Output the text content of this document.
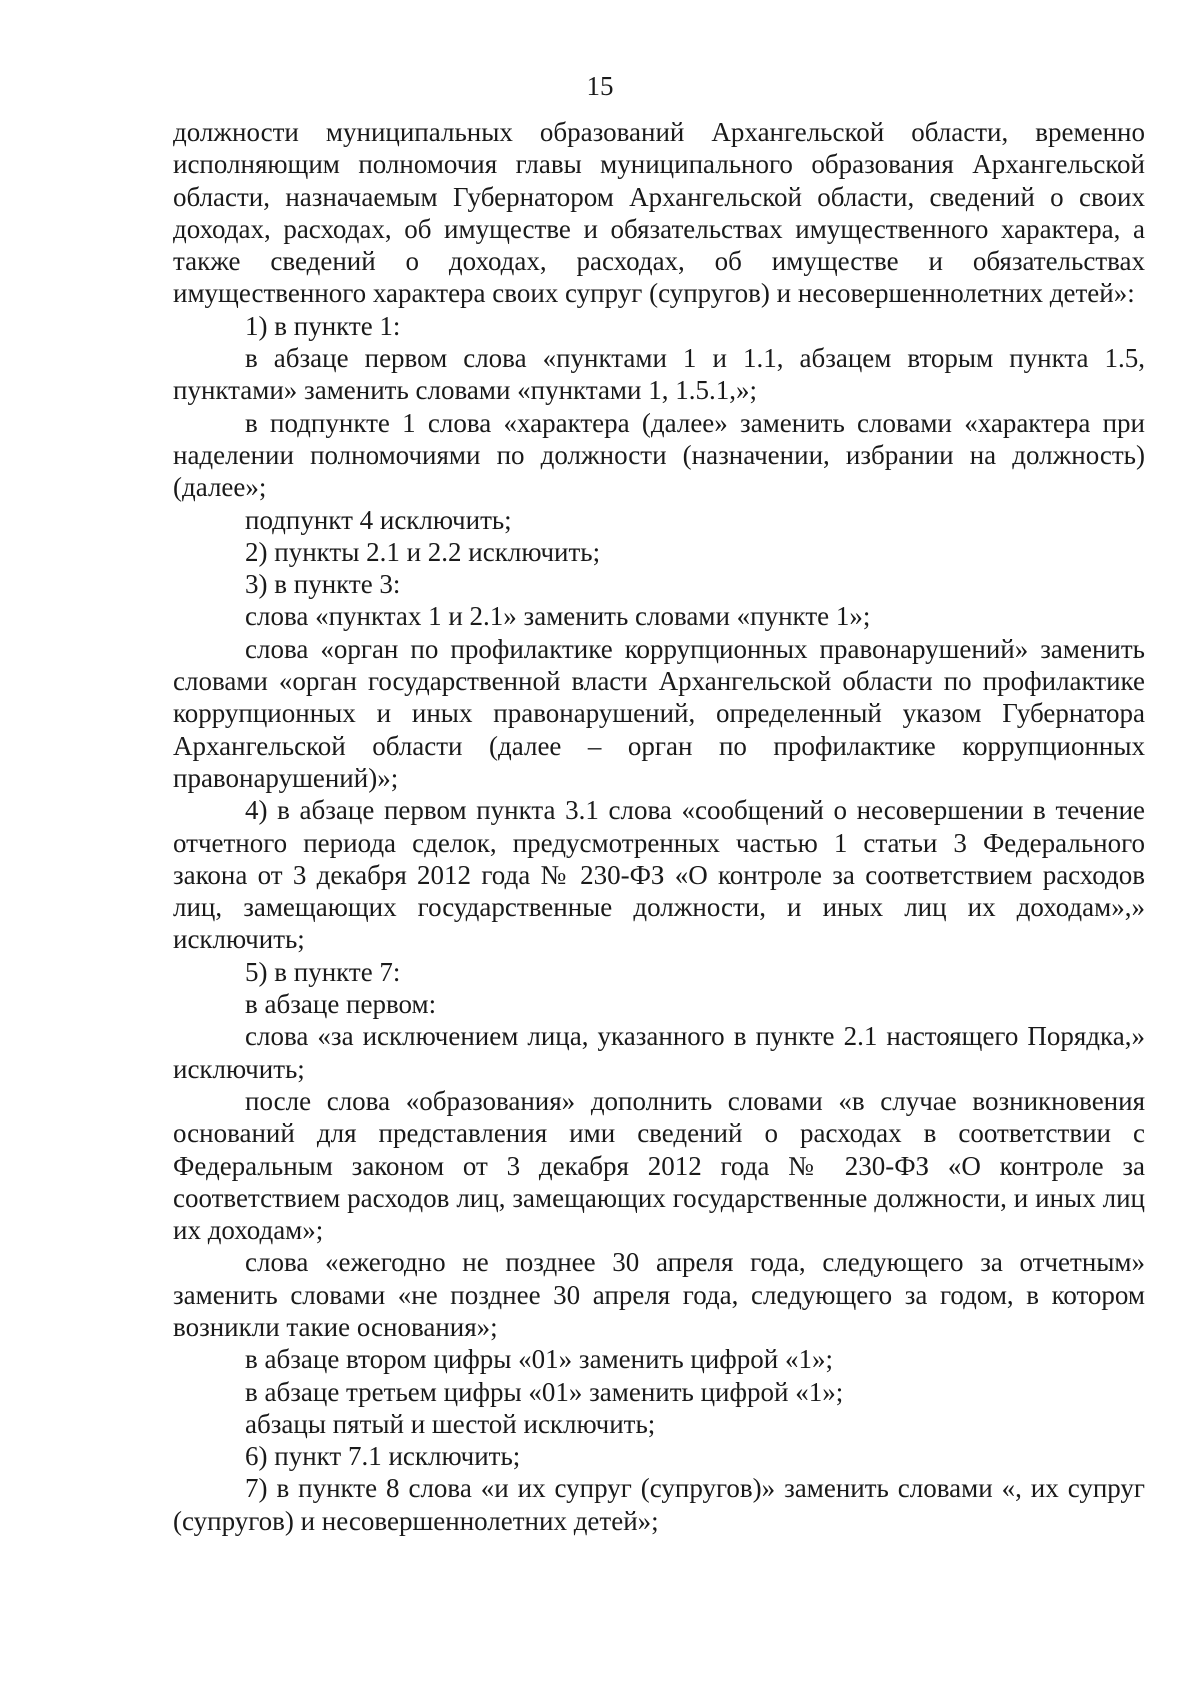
15

должности муниципальных образований Архангельской области, временно исполняющим полномочия главы муниципального образования Архангельской области, назначаемым Губернатором Архангельской области, сведений о своих доходах, расходах, об имуществе и обязательствах имущественного характера, а также сведений о доходах, расходах, об имуществе и обязательствах имущественного характера своих супруг (супругов) и несовершеннолетних детей»:

1) в пункте 1:

в абзаце первом слова «пунктами 1 и 1.1, абзацем вторым пункта 1.5, пунктами» заменить словами «пунктами 1, 1.5.1,»;

в подпункте 1 слова «характера (далее» заменить словами «характера при наделении полномочиями по должности (назначении, избрании на должность) (далее»;

подпункт 4 исключить;

2) пункты 2.1 и 2.2 исключить;

3) в пункте 3:

слова «пунктах 1 и 2.1» заменить словами «пункте 1»;

слова «орган по профилактике коррупционных правонарушений» заменить словами «орган государственной власти Архангельской области по профилактике коррупционных и иных правонарушений, определенный указом Губернатора Архангельской области (далее – орган по профилактике коррупционных правонарушений)»;

4) в абзаце первом пункта 3.1 слова «сообщений о несовершении в течение отчетного периода сделок, предусмотренных частью 1 статьи 3 Федерального закона от 3 декабря 2012 года № 230-ФЗ «О контроле за соответствием расходов лиц, замещающих государственные должности, и иных лиц их доходам»,» исключить;

5) в пункте 7:

в абзаце первом:

слова «за исключением лица, указанного в пункте 2.1 настоящего Порядка,» исключить;

после слова «образования» дополнить словами «в случае возникновения оснований для представления ими сведений о расходах в соответствии с Федеральным законом от 3 декабря 2012 года № 230-ФЗ «О контроле за соответствием расходов лиц, замещающих государственные должности, и иных лиц их доходам»;

слова «ежегодно не позднее 30 апреля года, следующего за отчетным» заменить словами «не позднее 30 апреля года, следующего за годом, в котором возникли такие основания»;

в абзаце втором цифры «01» заменить цифрой «1»;

в абзаце третьем цифры «01» заменить цифрой «1»;

абзацы пятый и шестой исключить;

6) пункт 7.1 исключить;

7) в пункте 8 слова «и их супруг (супругов)» заменить словами «, их супруг (супругов) и несовершеннолетних детей»;
